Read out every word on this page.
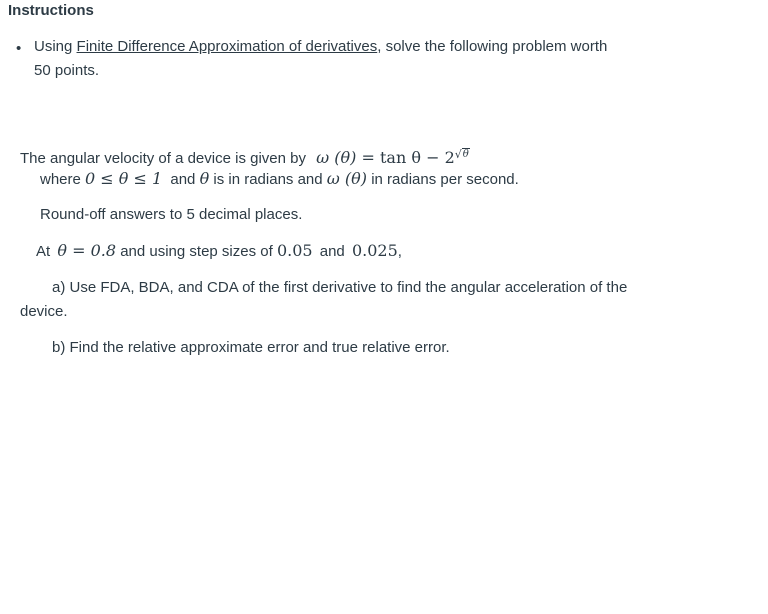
Instructions
• Using Finite Difference Approximation of derivatives, solve the following problem worth
50 points.
The angular velocity of a device is given by ω $(\theta) = \tan \theta - 2^{√\theta}$
where 0 ≤ θ ≤ 1 and θ is in radians and ω (θ) in radians per second.
Round-off answers to 5 decimal places.
At θ = 0.8 and using step sizes of 0.05 and 0.025,
a) Use FDA, BDA, and CDA of the first derivative to find the angular acceleration of the
device.
b) Find the relative approximate error and true relative error.
